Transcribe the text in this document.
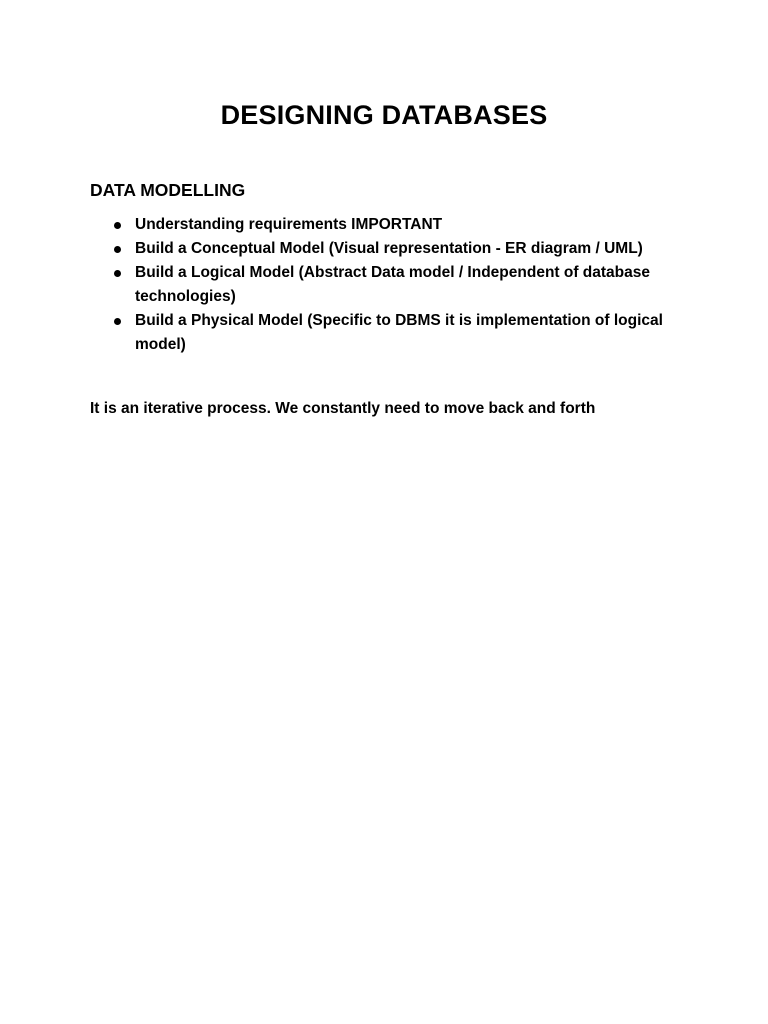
DESIGNING DATABASES
DATA MODELLING
Understanding requirements IMPORTANT
Build a Conceptual Model (Visual representation - ER diagram / UML)
Build a Logical Model (Abstract Data model / Independent of database technologies)
Build a Physical Model (Specific to DBMS it is implementation of logical model)
It is an iterative process. We constantly need to move back and forth
